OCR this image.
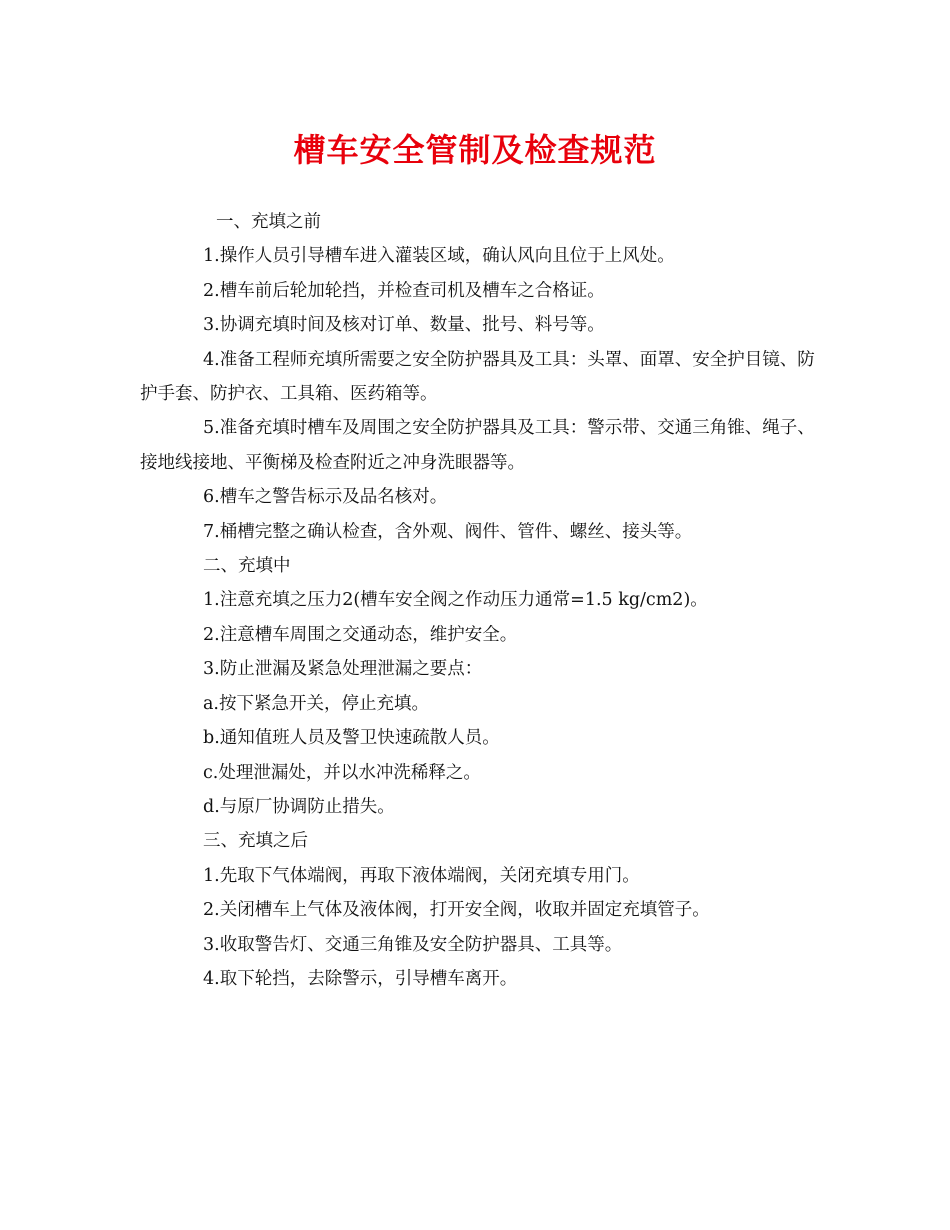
槽车安全管制及检查规范

一、充填之前

1.操作人员引导槽车进入灌装区域，确认风向且位于上风处。

2.槽车前后轮加轮挡，并检查司机及槽车之合格证。

3.协调充填时间及核对订单、数量、批号、料号等。

4.准备工程师充填所需要之安全防护器具及工具：头罩、面罩、安全护目镜、防护手套、防护衣、工具箱、医药箱等。

5.准备充填时槽车及周围之安全防护器具及工具：警示带、交通三角锥、绳子、接地线接地、平衡梯及检查附近之冲身洗眼器等。

6.槽车之警告标示及品名核对。

7.桶槽完整之确认检查，含外观、阀件、管件、螺丝、接头等。

二、充填中

1.注意充填之压力2(槽车安全阀之作动压力通常=1.5 kg/cm2)。

2.注意槽车周围之交通动态，维护安全。

3.防止泄漏及紧急处理泄漏之要点：

a.按下紧急开关，停止充填。

b.通知值班人员及警卫快速疏散人员。

c.处理泄漏处，并以水冲洗稀释之。

d.与原厂协调防止措失。

三、充填之后

1.先取下气体端阀，再取下液体端阀，关闭充填专用门。

2.关闭槽车上气体及液体阀，打开安全阀，收取并固定充填管子。

3.收取警告灯、交通三角锥及安全防护器具、工具等。

4.取下轮挡，去除警示，引导槽车离开。
